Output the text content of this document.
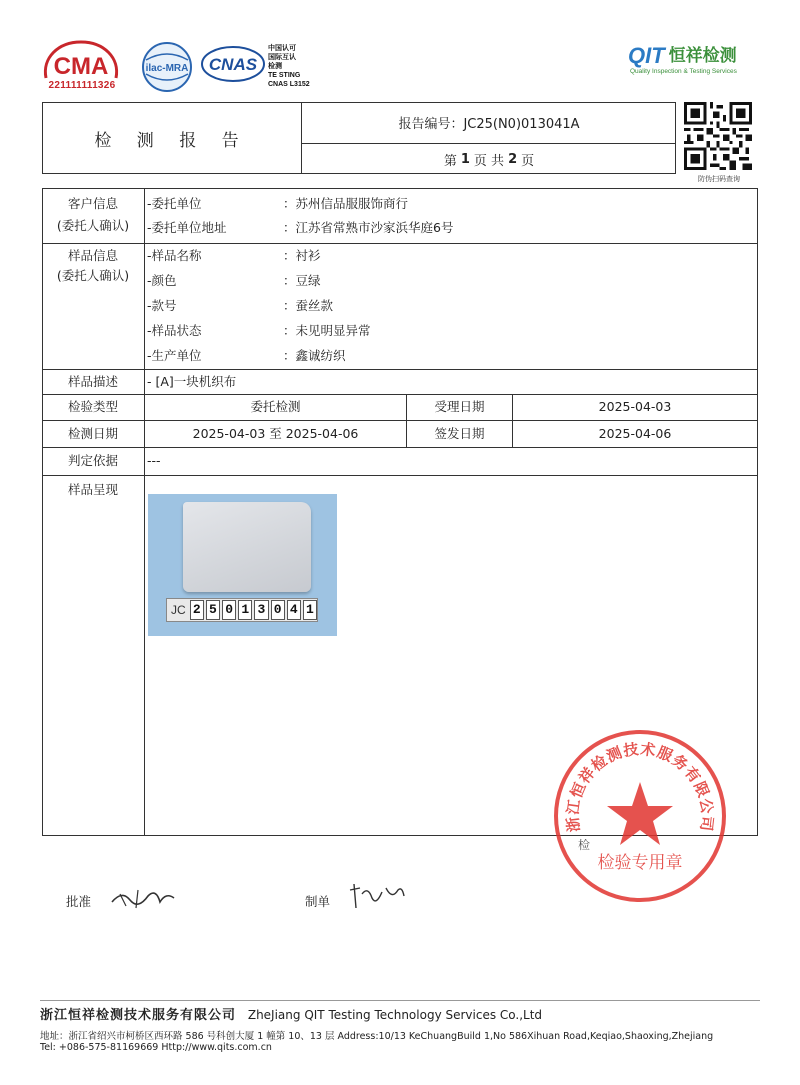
CMA
221111111326
ilac-MRA CNAS
中国认可
国际互认
检测
TE STING
CNAS L3152
QIT 恒祥检测
Quality Inspection & Testing Services
检 测 报 告
报告编号：JC25(N0)013041A
第 1 页 共 2 页
防伪扫码查询
客户信息
(委托人确认)
-委托单位	：苏州信品服服饰商行
-委托单位地址	：江苏省常熟市沙家浜华庭6号
样品信息
(委托人确认)
-样品名称	：衬衫
-颜色	：豆绿
-款号	：蚕丝款
-样品状态	：未见明显异常
-生产单位	：鑫诚纺织
样品描述	- [A]一块机织布
检验类型	委托检测	受理日期	2025-04-03
检测日期	2025-04-03 至 2025-04-06	签发日期	2025-04-06
判定依据	---
样品呈现
JC 2 5 0 1 3 0 4 1
检
浙江恒祥检测技术服务有限公司
检验专用章
批准	制单
浙江恒祥检测技术服务有限公司 ZheJiang QIT Testing Technology Services Co.,Ltd
地址：浙江省绍兴市柯桥区西环路 586 号科创大厦 1 幢第 10、13 层 Address:10/13 KeChuangBuild 1,No 586Xihuan Road,Keqiao,Shaoxing,Zhejiang
Tel: +086-575-81169669 Http://www.qits.com.cn
